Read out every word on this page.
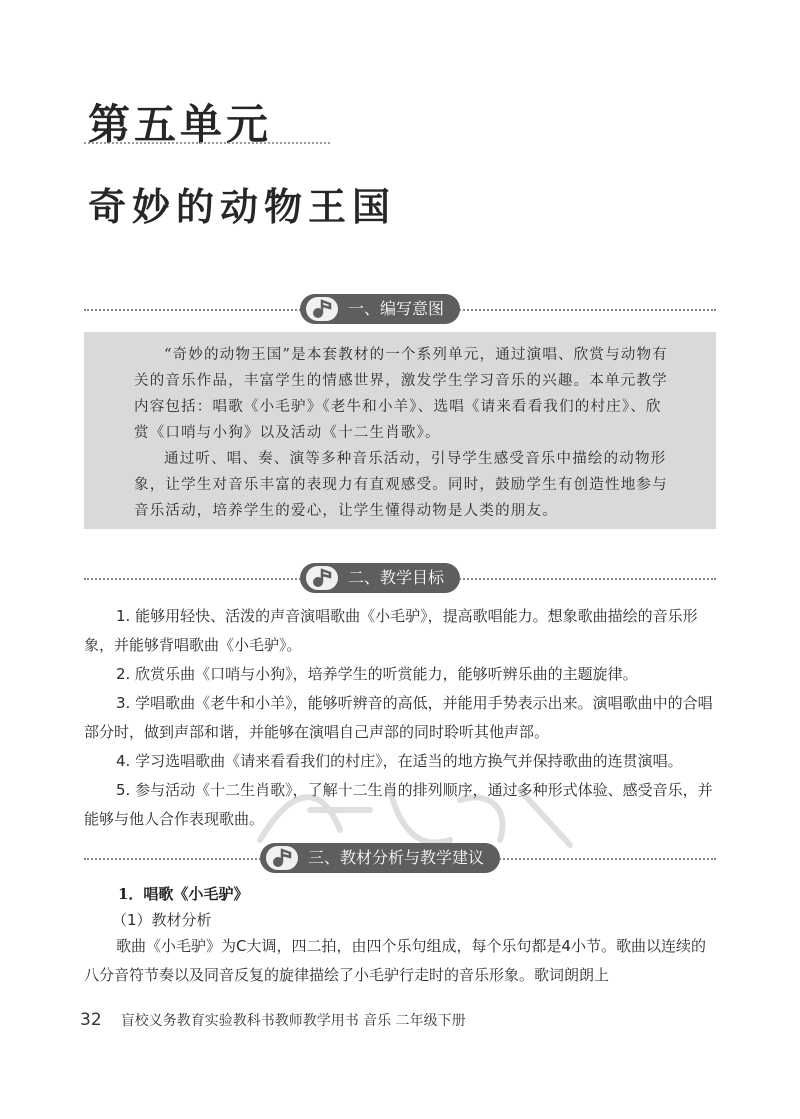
第五单元
奇妙的动物王国
一、编写意图

“奇妙的动物王国”是本套教材的一个系列单元，通过演唱、欣赏与动物有关的音乐作品，丰富学生的情感世界，激发学生学习音乐的兴趣。本单元教学内容包括：唱歌《小毛驴》《老牛和小羊》、选唱《请来看看我们的村庄》、欣赏《口哨与小狗》以及活动《十二生肖歌》。

通过听、唱、奏、演等多种音乐活动，引导学生感受音乐中描绘的动物形象，让学生对音乐丰富的表现力有直观感受。同时，鼓励学生有创造性地参与音乐活动，培养学生的爱心，让学生懂得动物是人类的朋友。

二、教学目标

1. 能够用轻快、活泼的声音演唱歌曲《小毛驴》，提高歌唱能力。想象歌曲描绘的音乐形象，并能够背唱歌曲《小毛驴》。

2. 欣赏乐曲《口哨与小狗》，培养学生的听赏能力，能够听辨乐曲的主题旋律。

3. 学唱歌曲《老牛和小羊》，能够听辨音的高低，并能用手势表示出来。演唱歌曲中的合唱部分时，做到声部和谐，并能够在演唱自己声部的同时聆听其他声部。

4. 学习选唱歌曲《请来看看我们的村庄》，在适当的地方换气并保持歌曲的连贯演唱。

5. 参与活动《十二生肖歌》，了解十二生肖的排列顺序，通过多种形式体验、感受音乐，并能够与他人合作表现歌曲。

三、教材分析与教学建议
1．唱歌《小毛驴》
（1）教材分析

歌曲《小毛驴》为C大调，四二拍，由四个乐句组成，每个乐句都是4小节。歌曲以连续的八分音符节奏以及同音反复的旋律描绘了小毛驴行走时的音乐形象。歌词朗朗上

32 盲校义务教育实验教科书教师教学用书 音乐 二年级下册
